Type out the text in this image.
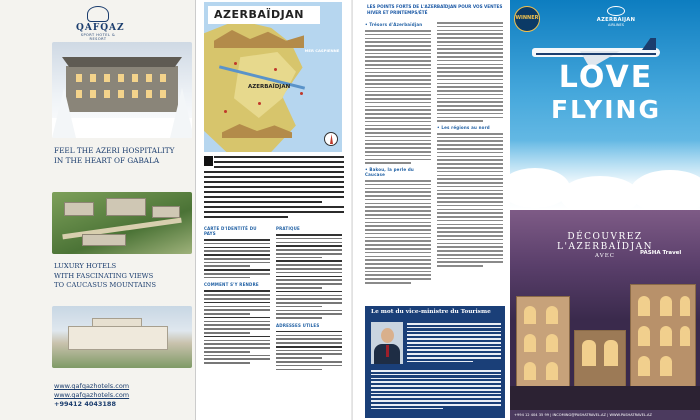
QAFQAZ
SPORT HOTEL & RESORT
FEEL THE AZERI HOSPITALITY
IN THE HEART OF GABALA
LUXURY HOTELS
WITH FASCINATING VIEWS
TO CAUCASUS MOUNTAINS
www.qafqazhotels.com
www.qafqazhotels.com
+99412 4043188
AZERBAÏDJAN
MER CASPIENNE
AZERBAÏDJAN
CARTE D'IDENTITÉ DU PAYS
COMMENT S'Y RENDRE
PRATIQUE
ADRESSES UTILES
LES POINTS FORTS DE L'AZERBAÏDJAN POUR VOS VENTES HIVER ET PRINTEMPS/ÉTÉ
• Trésors d'Azerbaïdjan
• Bakou, la perle du Caucase
• Les régions au nord
Le mot du vice-ministre du Tourisme
WINNER	AZERBAIJAN
AIRLINES
LOVE
FLYING
DÉCOUVREZ
L'AZERBAÏDJAN
AVEC	PASHA Travel
+994 12 404 35 99 | INCOMING@PASHATRAVEL.AZ | WWW.PASHATRAVEL.AZ
